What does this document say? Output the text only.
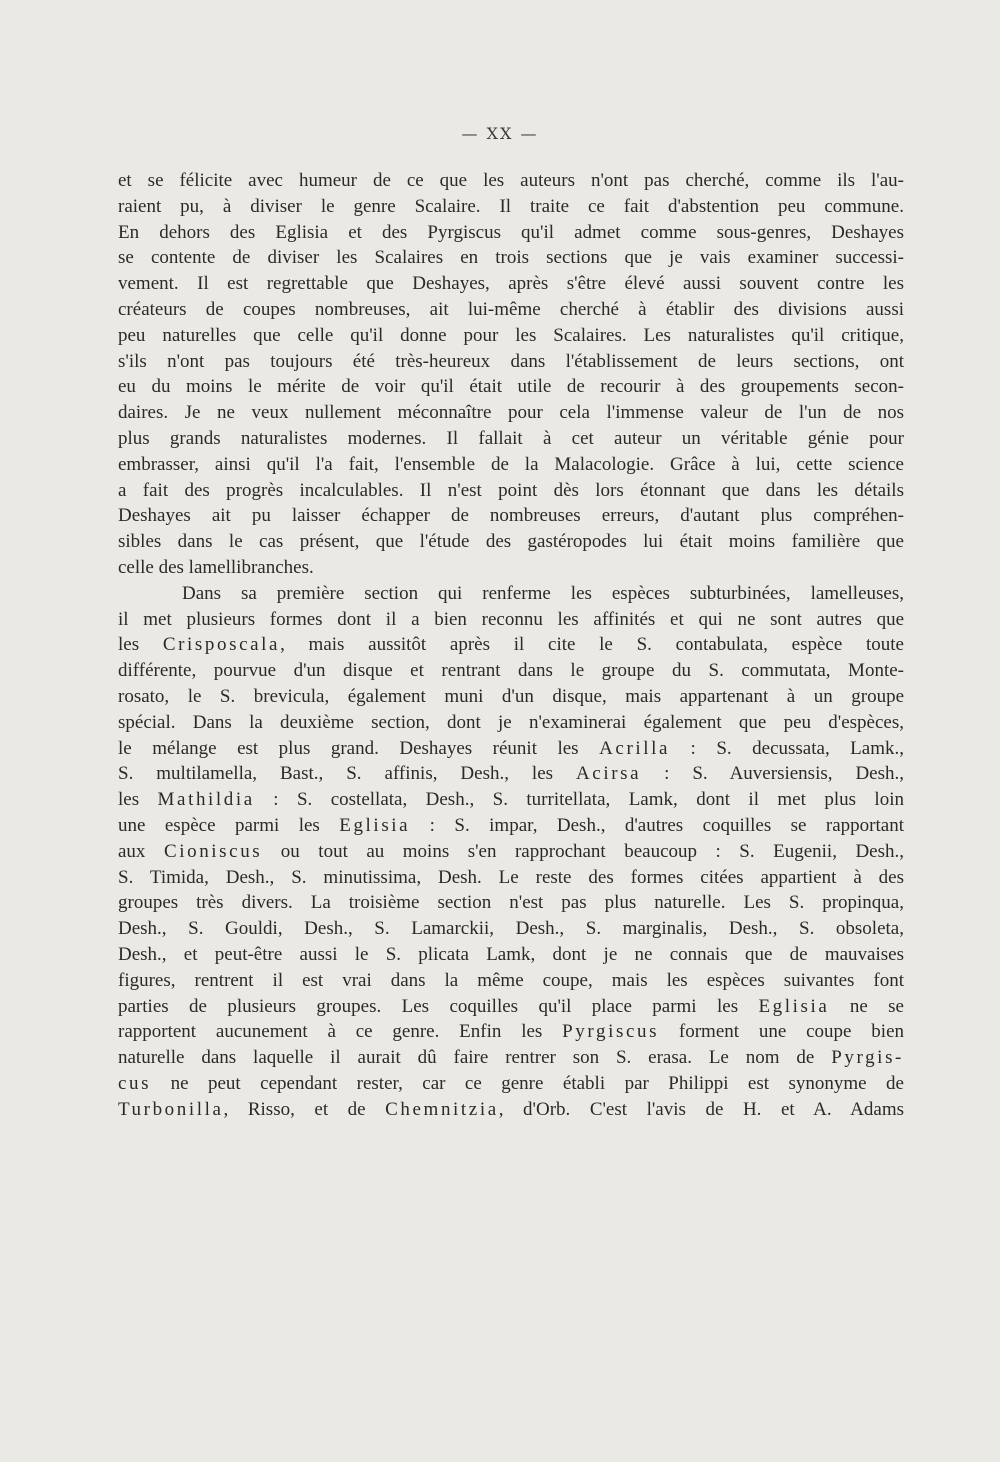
— XX —
et se félicite avec humeur de ce que les auteurs n'ont pas cherché, comme ils l'au-
raient pu, à diviser le genre Scalaire. Il traite ce fait d'abstention peu commune.
En dehors des Eglisia et des Pyrgiscus qu'il admet comme sous-genres, Deshayes
se contente de diviser les Scalaires en trois sections que je vais examiner successi-
vement. Il est regrettable que Deshayes, après s'être élevé aussi souvent contre les
créateurs de coupes nombreuses, ait lui-même cherché à établir des divisions aussi
peu naturelles que celle qu'il donne pour les Scalaires. Les naturalistes qu'il critique,
s'ils n'ont pas toujours été très-heureux dans l'établissement de leurs sections, ont
eu du moins le mérite de voir qu'il était utile de recourir à des groupements secon-
daires. Je ne veux nullement méconnaître pour cela l'immense valeur de l'un de nos
plus grands naturalistes modernes. Il fallait à cet auteur un véritable génie pour
embrasser, ainsi qu'il l'a fait, l'ensemble de la Malacologie. Grâce à lui, cette science
a fait des progrès incalculables. Il n'est point dès lors étonnant que dans les détails
Deshayes ait pu laisser échapper de nombreuses erreurs, d'autant plus compréhen-
sibles dans le cas présent, que l'étude des gastéropodes lui était moins familière que
celle des lamellibranches.
Dans sa première section qui renferme les espèces subturbinées, lamelleuses,
il met plusieurs formes dont il a bien reconnu les affinités et qui ne sont autres que
les Crisposcala, mais aussitôt après il cite le S. contabulata, espèce toute
différente, pourvue d'un disque et rentrant dans le groupe du S. commutata, Monte-
rosato, le S. brevicula, également muni d'un disque, mais appartenant à un groupe
spécial. Dans la deuxième section, dont je n'examinerai également que peu d'espèces,
le mélange est plus grand. Deshayes réunit les Acrilla : S. decussata, Lamk.,
S. multilamella, Bast., S. affinis, Desh., les Acirsa : S. Auversiensis, Desh.,
les Mathildia : S. costellata, Desh., S. turritellata, Lamk, dont il met plus loin
une espèce parmi les Eglisia : S. impar, Desh., d'autres coquilles se rapportant
aux Cioniscus ou tout au moins s'en rapprochant beaucoup : S. Eugenii, Desh.,
S. Timida, Desh., S. minutissima, Desh. Le reste des formes citées appartient à des
groupes très divers. La troisième section n'est pas plus naturelle. Les S. propinqua,
Desh., S. Gouldi, Desh., S. Lamarckii, Desh., S. marginalis, Desh., S. obsoleta,
Desh., et peut-être aussi le S. plicata Lamk, dont je ne connais que de mauvaises
figures, rentrent il est vrai dans la même coupe, mais les espèces suivantes font
parties de plusieurs groupes. Les coquilles qu'il place parmi les Eglisia ne se
rapportent aucunement à ce genre. Enfin les Pyrgiscus forment une coupe bien
naturelle dans laquelle il aurait dû faire rentrer son S. erasa. Le nom de Pyrgis-
cus ne peut cependant rester, car ce genre établi par Philippi est synonyme de
Turbonilla, Risso, et de Chemnitzia, d'Orb. C'est l'avis de H. et A. Adams
